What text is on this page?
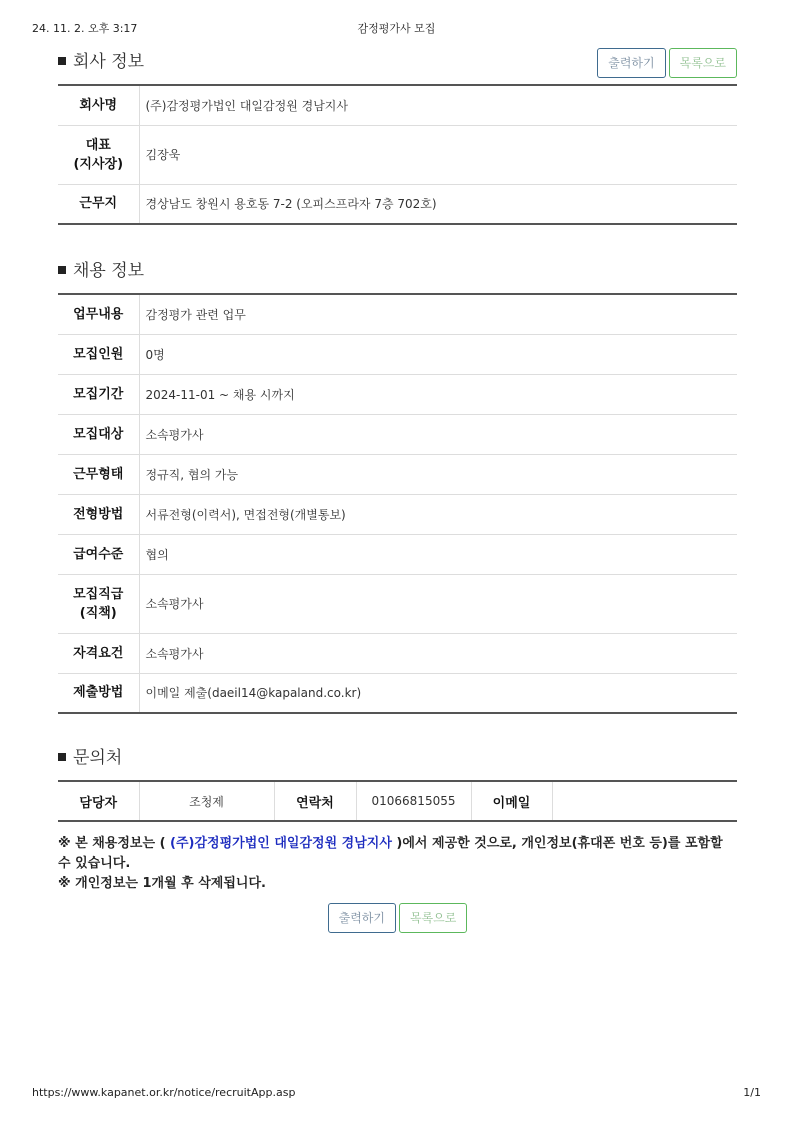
24. 11. 2. 오후 3:17	감정평가사 모집
회사 정보	출력하기	목록으로
회사명	(주)감정평가법인 대일감정원 경남지사
대표
(지사장)	김장욱
근무지	경상남도 창원시 용호동 7-2 (오피스프라자 7층 702호)
채용 정보
업무내용	감정평가 관련 업무
모집인원	0명
모집기간	2024-11-01 ~ 채용 시까지
모집대상	소속평가사
근무형태	정규직, 협의 가능
전형방법	서류전형(이력서), 면접전형(개별통보)
급여수준	협의
모집직급
(직책)	소속평가사
자격요건	소속평가사
제출방법	이메일 제출(daeil14@kapaland.co.kr)
문의처
담당자	조청제	연락처	01066815055	이메일	
※ 본 채용정보는 ( (주)감정평가법인 대일감정원 경남지사 )에서 제공한 것으로, 개인정보(휴대폰 번호 등)를 포함할 수 있습니다.
※ 개인정보는 1개월 후 삭제됩니다.
출력하기	목록으로
https://www.kapanet.or.kr/notice/recruitApp.asp	1/1
